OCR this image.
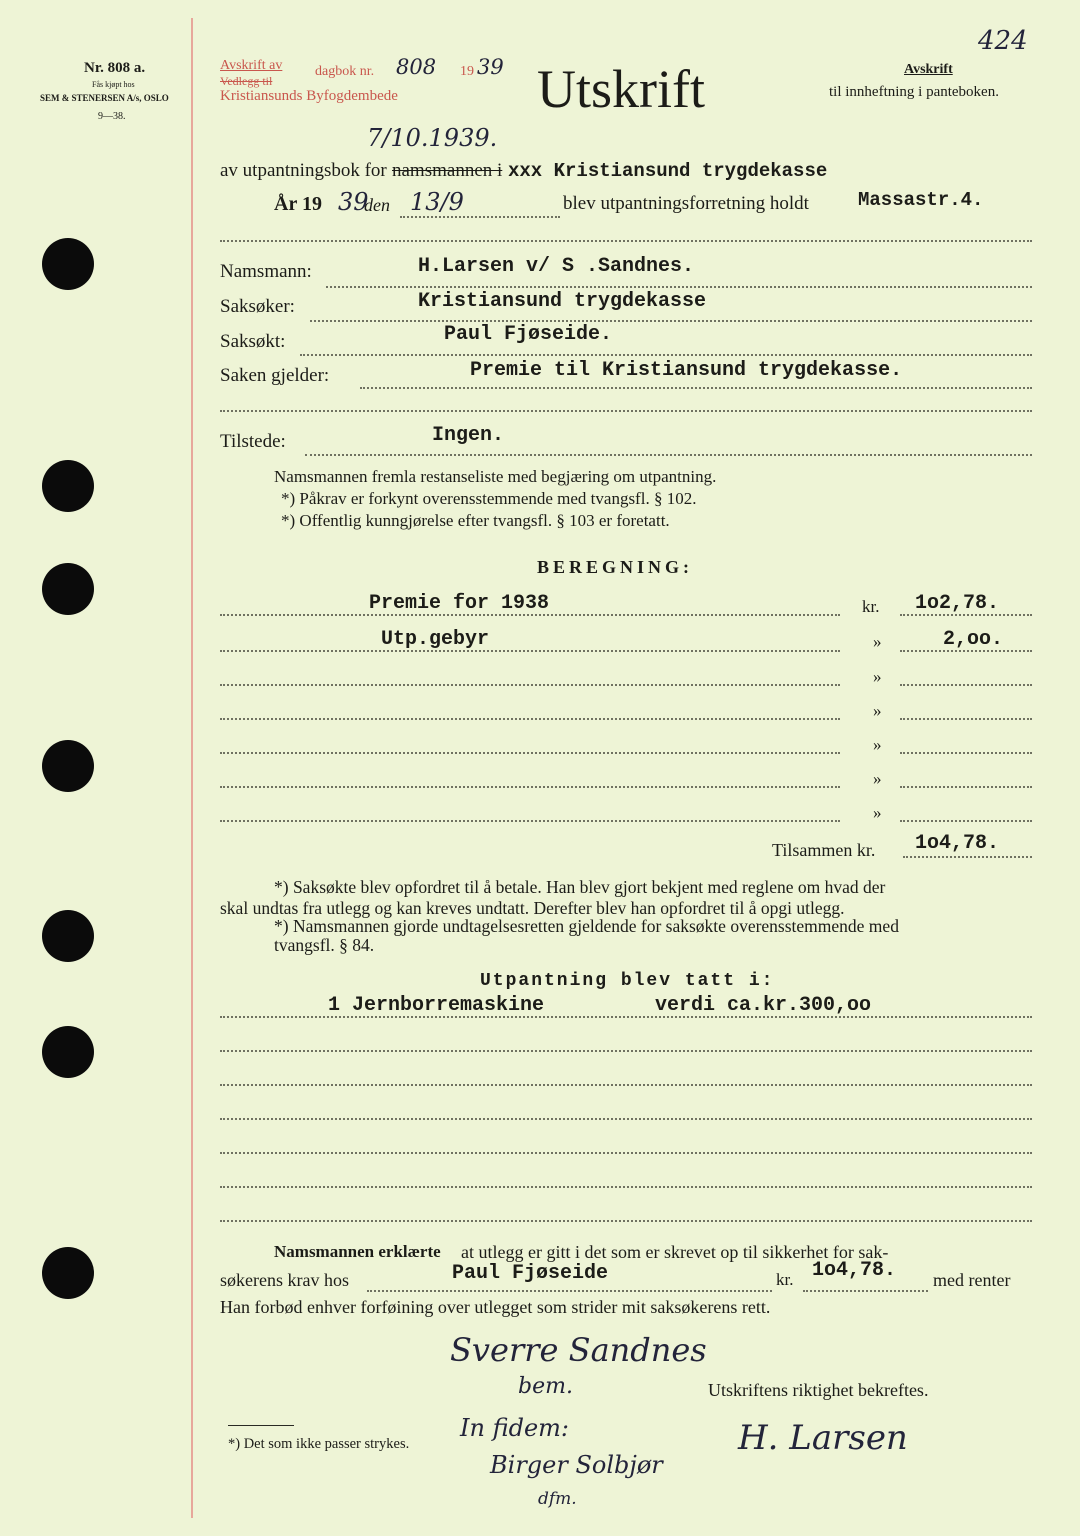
424
Nr. 808 a.
Fås kjøpt hos
SEM & STENERSEN A/s, OSLO
9—38.
Avskrift av
Vedlegg til
Kristiansunds Byfogdembede
dagbok nr. 808 19 39
7/10.1939.
Utskrift	Avskrift
til innheftning i panteboken.
av utpantningsbok for namsmannen i xxx Kristiansund trygdekasse
År 19 39
den 13/9	blev utpantningsforretning holdt	Massastr.4.
Namsmann:	H.Larsen v/ S .Sandnes.
Saksøker:	Kristiansund trygdekasse
Saksøkt:	Paul Fjøseide.
Saken gjelder:	Premie til Kristiansund trygdekasse.
Tilstede:	Ingen.
Namsmannen fremla restanseliste med begjæring om utpantning.
*) Påkrav er forkynt overensstemmende med tvangsfl. § 102.
*) Offentlig kunngjørelse efter tvangsfl. § 103 er foretatt.
BEREGNING:
Premie for 1938	kr. 1o2,78.
Utp.gebyr	»	2,oo.
»
»
»
»
»
Tilsammen kr. 1o4,78.
*) Saksøkte blev opfordret til å betale. Han blev gjort bekjent med reglene om hvad der
skal undtas fra utlegg og kan kreves undtatt. Derefter blev han opfordret til å opgi utlegg.
*) Namsmannen gjorde undtagelsesretten gjeldende for saksøkte overensstemmende med
tvangsfl. § 84.
Utpantning blev tatt i:
1 Jernborremaskine	verdi ca.kr.300,oo
Namsmannen erklærte at utlegg er gitt i det som er skrevet op til sikkerhet for sak-
søkerens krav hos	Paul Fjøseide	kr. 1o4,78. med renter
Han forbød enhver forføining over utlegget som strider mit saksøkerens rett.
Sverre Sandnes
bem.
In fidem:
Birger Solbjør
dfm.
Utskriftens riktighet bekreftes.
H. Larsen
*) Det som ikke passer strykes.
